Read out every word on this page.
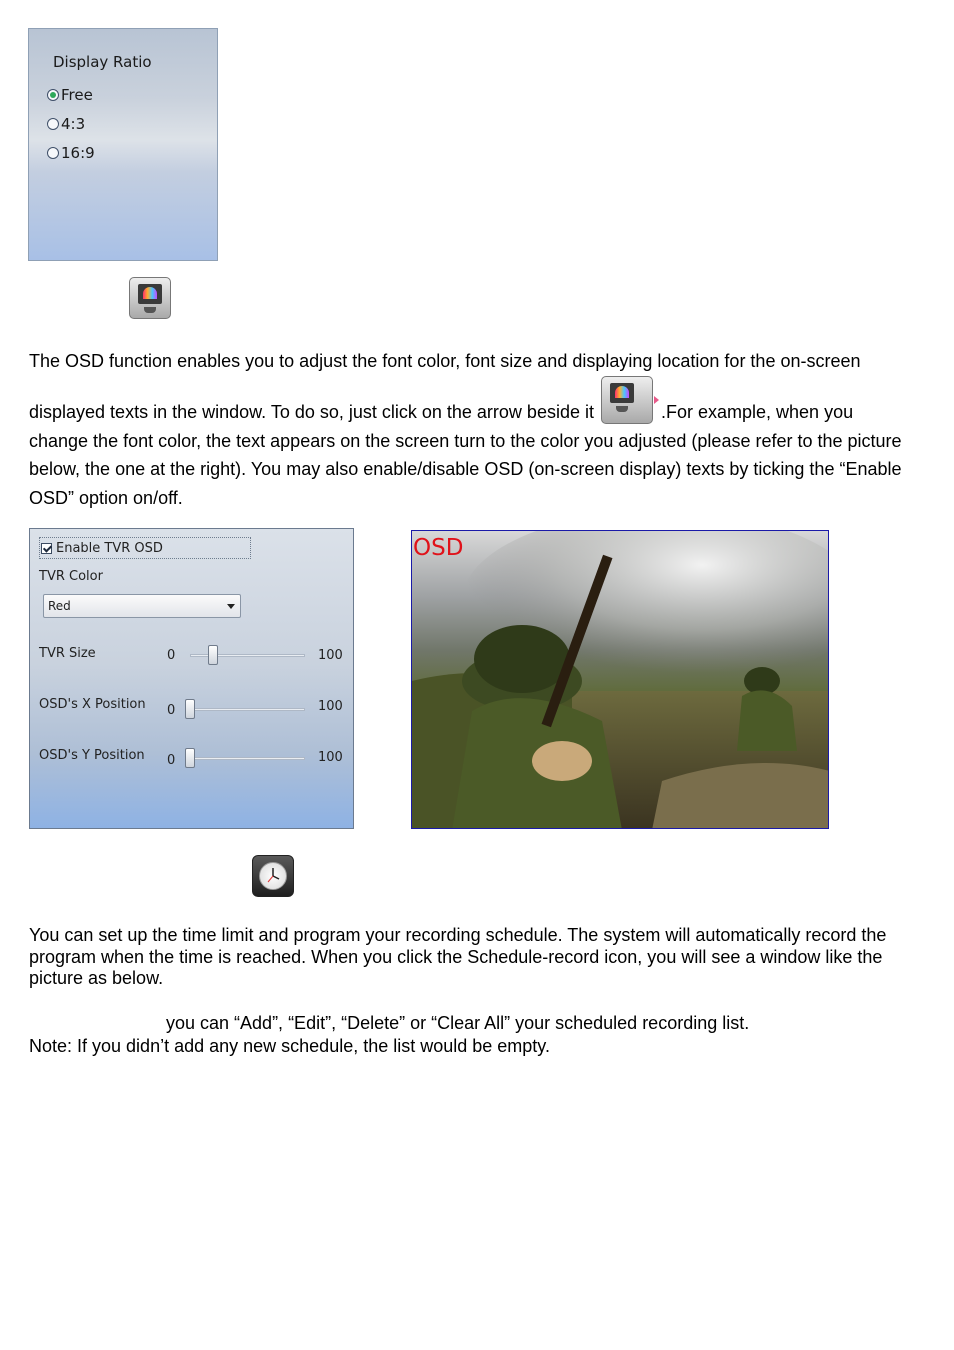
Display Ratio
Free
4:3
16:9
The OSD function enables you to adjust the font color, font size and displaying location for the on-screen
displayed texts in the window. To do so, just click on the arrow beside it	.For example, when you
change the font color, the text appears on the screen turn to the color you adjusted (please refer to the picture below, the one at the right). You may also enable/disable OSD (on-screen display) texts by ticking the “Enable OSD” option on/off.
Enable TVR OSD
TVR Color
Red
TVR Size	0	100
OSD's X Position 0	100
OSD's Y Position 0	100
OSD
You can set up the time limit and program your recording schedule. The system will automatically record the program when the time is reached. When you click the Schedule-record icon, you will see a window like the picture as below.
you can “Add”, “Edit”, “Delete” or “Clear All” your scheduled recording list.
Note: If you didn’t add any new schedule, the list would be empty.
